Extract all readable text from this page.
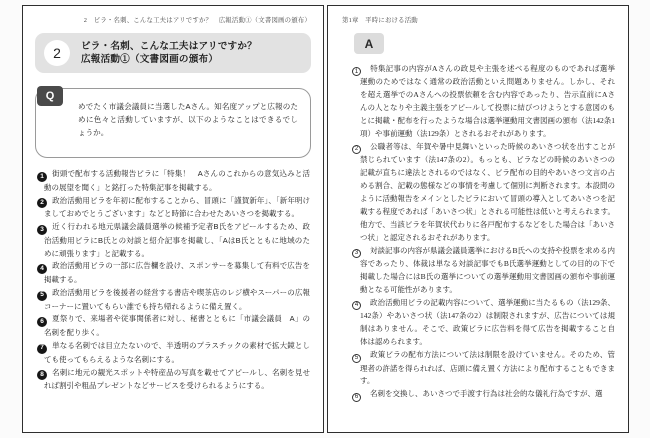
2　ビラ・名刺、こんな工夫はアリですか？　広報活動①（文書図画の頒布）
2	ビラ・名刺、こんな工夫はアリですか？
広報活動①（文書図画の頒布）
Q
めでたく市議会議員に当選したAさん。知名度アップと広報のために色々と活動していますが、以下のようなことはできるでしょうか。

1 街頭で配布する活動報告ビラに「特集！　Aさんのこれからの意気込みと活動の展望を聞く」と銘打った特集記事を掲載する。

2 政治活動用ビラを年初に配布することから、冒頭に「謹賀新年」、「新年明けましておめでとうございます」などと時節に合わせたあいさつを掲載する。

3 近く行われる地元県議会議員選挙の候補予定者B氏をアピールするため、政治活動用ビラにB氏との対談と紹介記事を掲載し、「AはB氏とともに地域のために頑張ります」と記載する。

4 政治活動用ビラの一部に広告欄を設け、スポンサーを募集して有料で広告を掲載する。

5 政治活動用ビラを後援者の経営する書店や喫茶店のレジ横やスーパーの広報コーナーに置いてもらい誰でも持ち帰れるように備え置く。

6 夏祭りで、来場者や従事関係者に対し、秘書とともに「市議会議員　A」の名刺を配り歩く。

7 単なる名刺では目立たないので、半透明のプラスチックの素材で拡大鏡としても使ってもらえるような名刺にする。

8 名刺に地元の観光スポットや特産品の写真を載せてアピールし、名刺を見せれば割引や粗品プレゼントなどサービスを受けられるようにする。

第1章　平時における活動
A

1 特集記事の内容がAさんの政見や主張を述べる程度のものであれば選挙運動のためではなく通常の政治活動といえ問題ありません。しかし、それを超え選挙でのAさんへの投票依頼を含む内容であったり、告示直前にAさんの人となりや主義主張をアピールして投票に結びつけようとする意図のもとに掲載・配布を行ったような場合は選挙運動用文書図画の頒布（法142条1項）や事前運動（法129条）とされるおそれがあります。

2 公職者等は、年賀や暑中見舞いといった時候のあいさつ状を出すことが禁じられています（法147条の2）。もっとも、ビラなどの時候のあいさつの記載が直ちに違法とされるのではなく、ビラ配布の目的やあいさつ文言の占める割合、記載の態様などの事情を考慮して個別に判断されます。本設問のように活動報告をメインとしたビラにおいて冒頭の導入としてあいさつを記載する程度であれば「あいさつ状」とされる可能性は低いと考えられます。他方で、当該ビラを年賀状代わりに各戸配布するなどをした場合は「あいさつ状」と認定されるおそれがあります。

3 対談記事の内容が県議会議員選挙におけるB氏への支持や投票を求める内容であったり、体裁は単なる対談記事でもB氏選挙運動としての目的の下で掲載した場合にはB氏の選挙についての選挙運動用文書図画の頒布や事前運動となる可能性があります。

4 政治活動用ビラの記載内容について、選挙運動に当たるもの（法129条、142条）やあいさつ状（法147条の2）は制限されますが、広告については規制はありません。そこで、政策ビラに広告料を得て広告を掲載すること自体は認められます。

5 政策ビラの配布方法について法は制限を設けていません。そのため、管理者の許諾を得られれば、店頭に備え置く方法により配布することもできます。

6 名刺を交換し、あいさつで手渡す行為は社会的な儀礼行為ですが、選
